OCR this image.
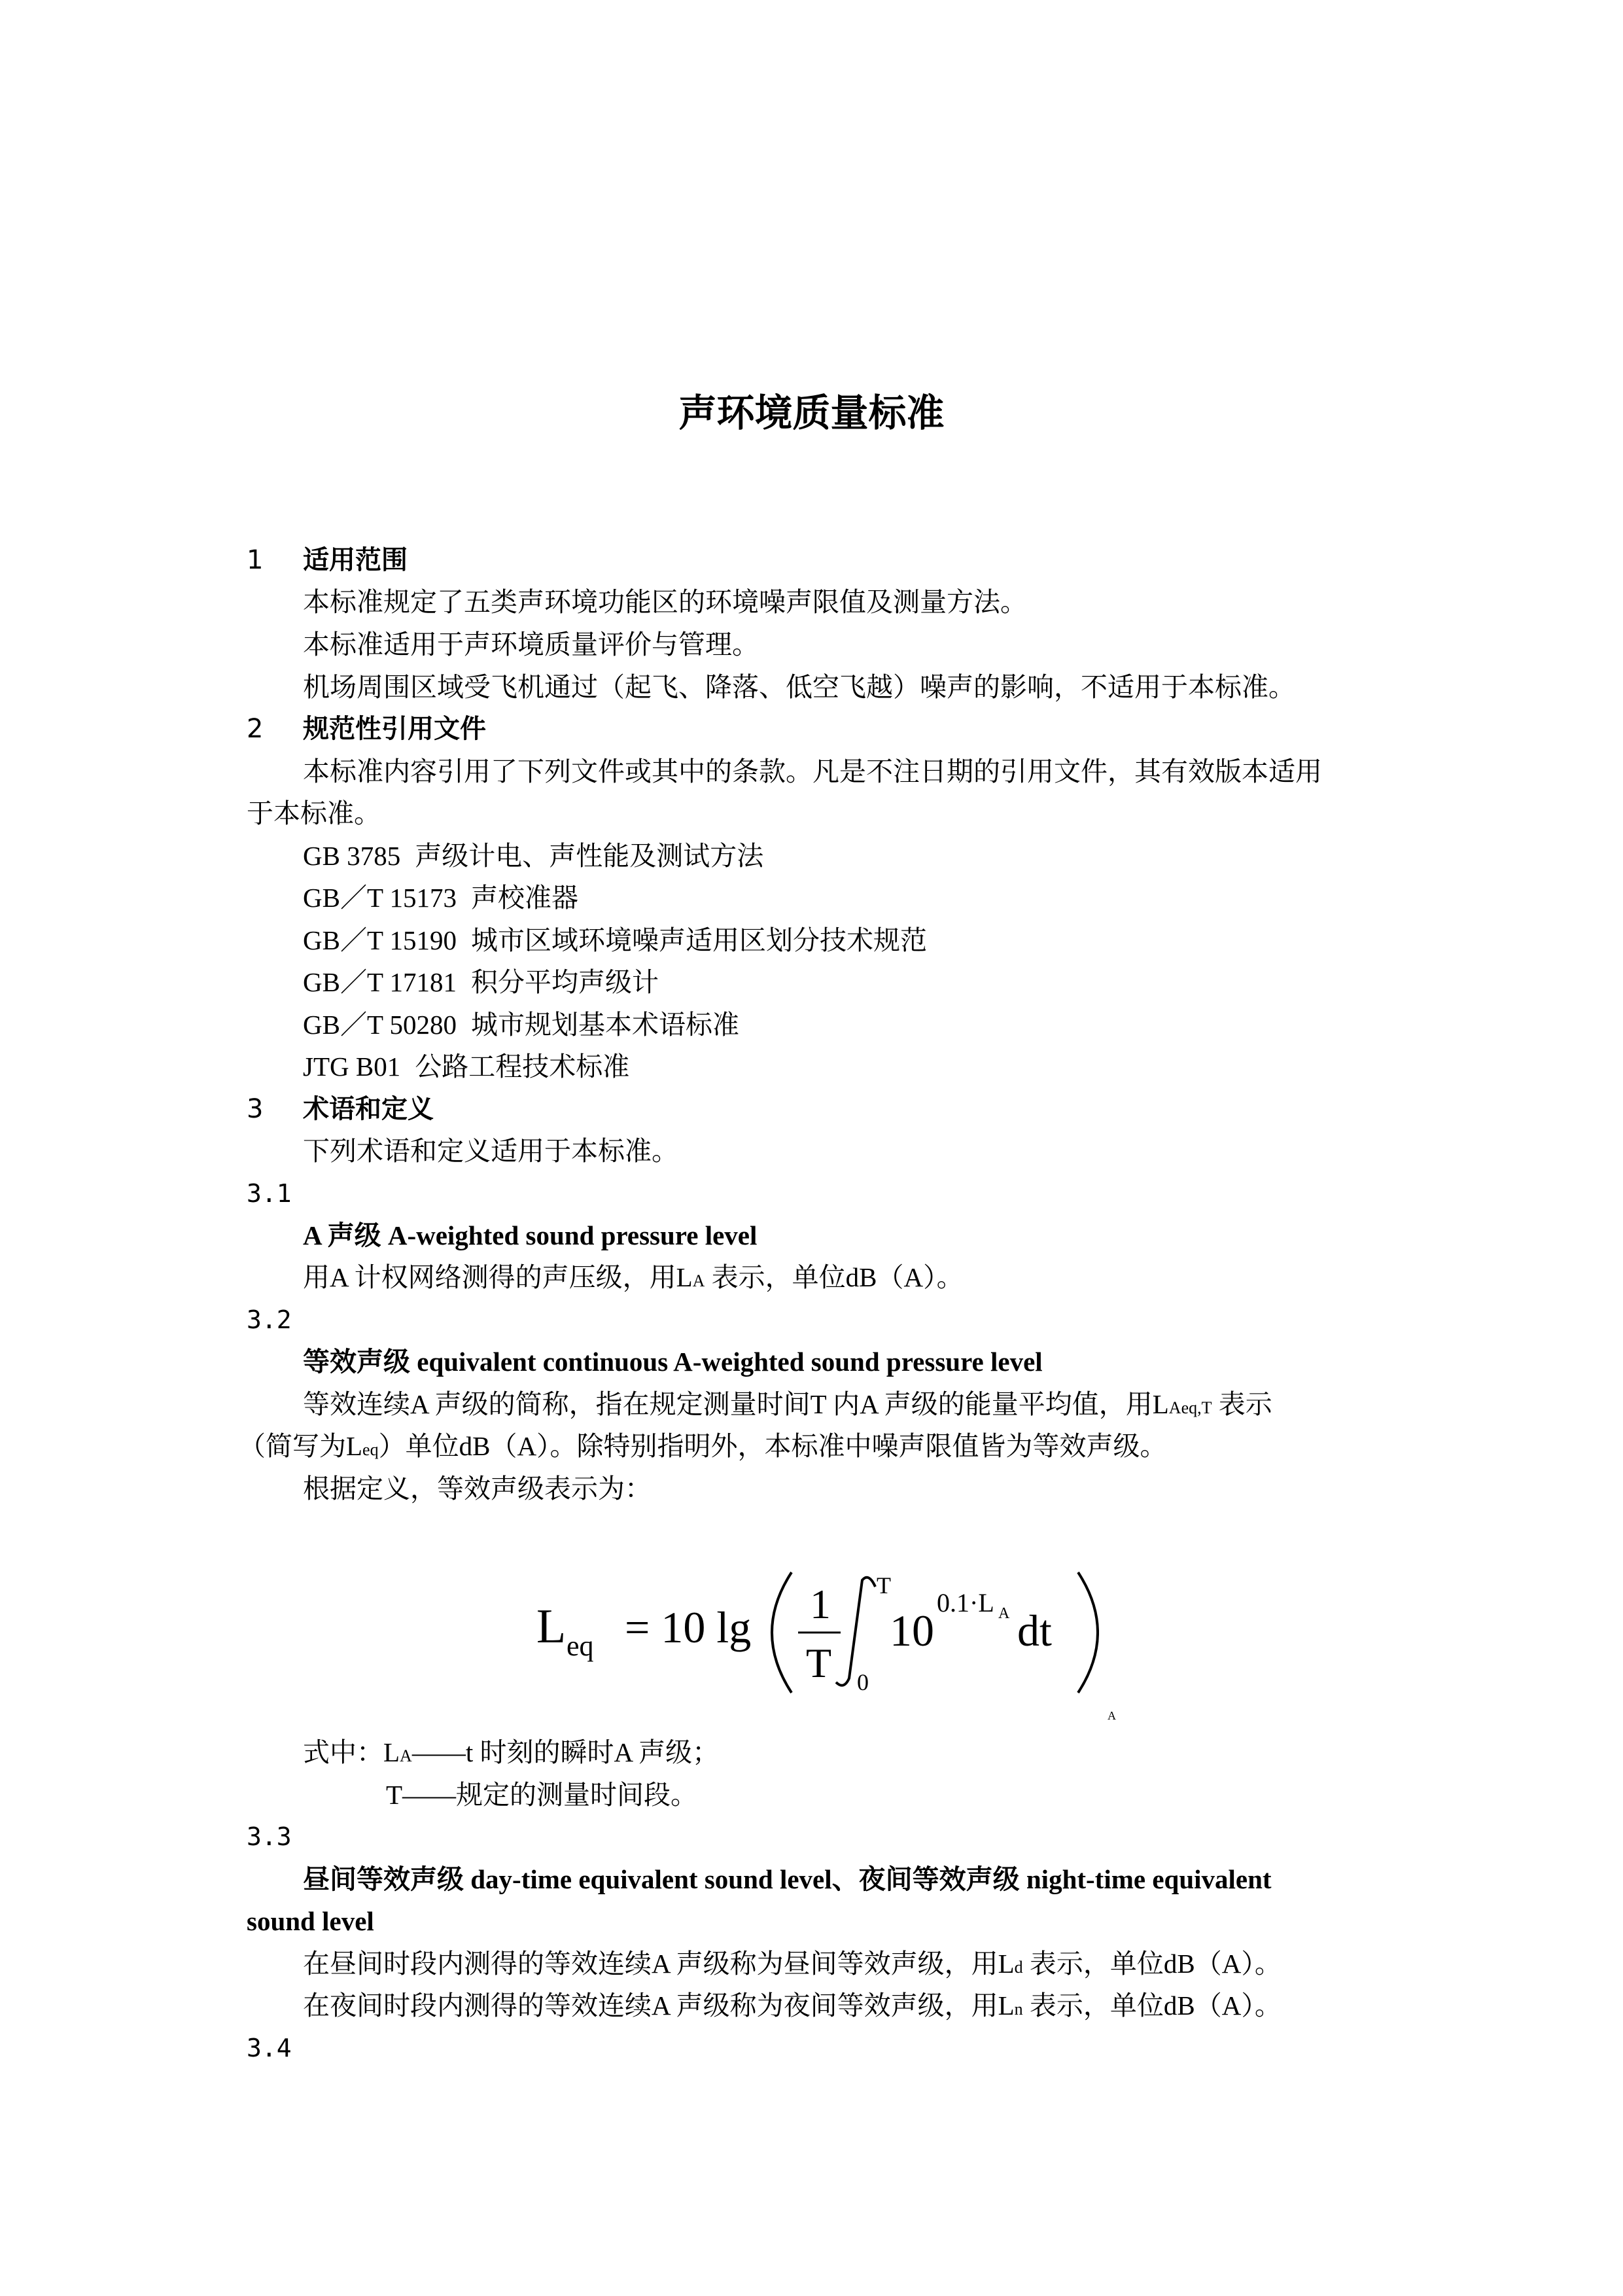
声环境质量标准
1 适用范围
本标准规定了五类声环境功能区的环境噪声限值及测量方法。
本标准适用于声环境质量评价与管理。
机场周围区域受飞机通过（起飞、降落、低空飞越）噪声的影响，不适用于本标准。
2 规范性引用文件
本标准内容引用了下列文件或其中的条款。凡是不注日期的引用文件，其有效版本适用
于本标准。
GB 3785 声级计电、声性能及测试方法
GB／T 15173 声校准器
GB／T 15190 城市区域环境噪声适用区划分技术规范
GB／T 17181 积分平均声级计
GB／T 50280 城市规划基本术语标准
JTG B01 公路工程技术标准
3 术语和定义
下列术语和定义适用于本标准。
3.1
A 声级 A-weighted sound pressure level
用A 计权网络测得的声压级，用LA 表示，单位dB（A）。
3.2
等效声级 equivalent continuous A-weighted sound pressure level
等效连续A 声级的简称，指在规定测量时间T 内A 声级的能量平均值，用LAeq,T 表示
（简写为Leq）单位dB（A）。除特别指明外，本标准中噪声限值皆为等效声级。
根据定义，等效声级表示为：
L eq = 10 lg 1
T
T
0
10
0.1·L A dt
A
式中：LA——t 时刻的瞬时A 声级；
T——规定的测量时间段。
3.3
昼间等效声级 day-time equivalent sound level、夜间等效声级 night-time equivalent
sound level
在昼间时段内测得的等效连续A 声级称为昼间等效声级，用Ld 表示，单位dB（A）。
在夜间时段内测得的等效连续A 声级称为夜间等效声级，用Ln 表示，单位dB（A）。
3.4
